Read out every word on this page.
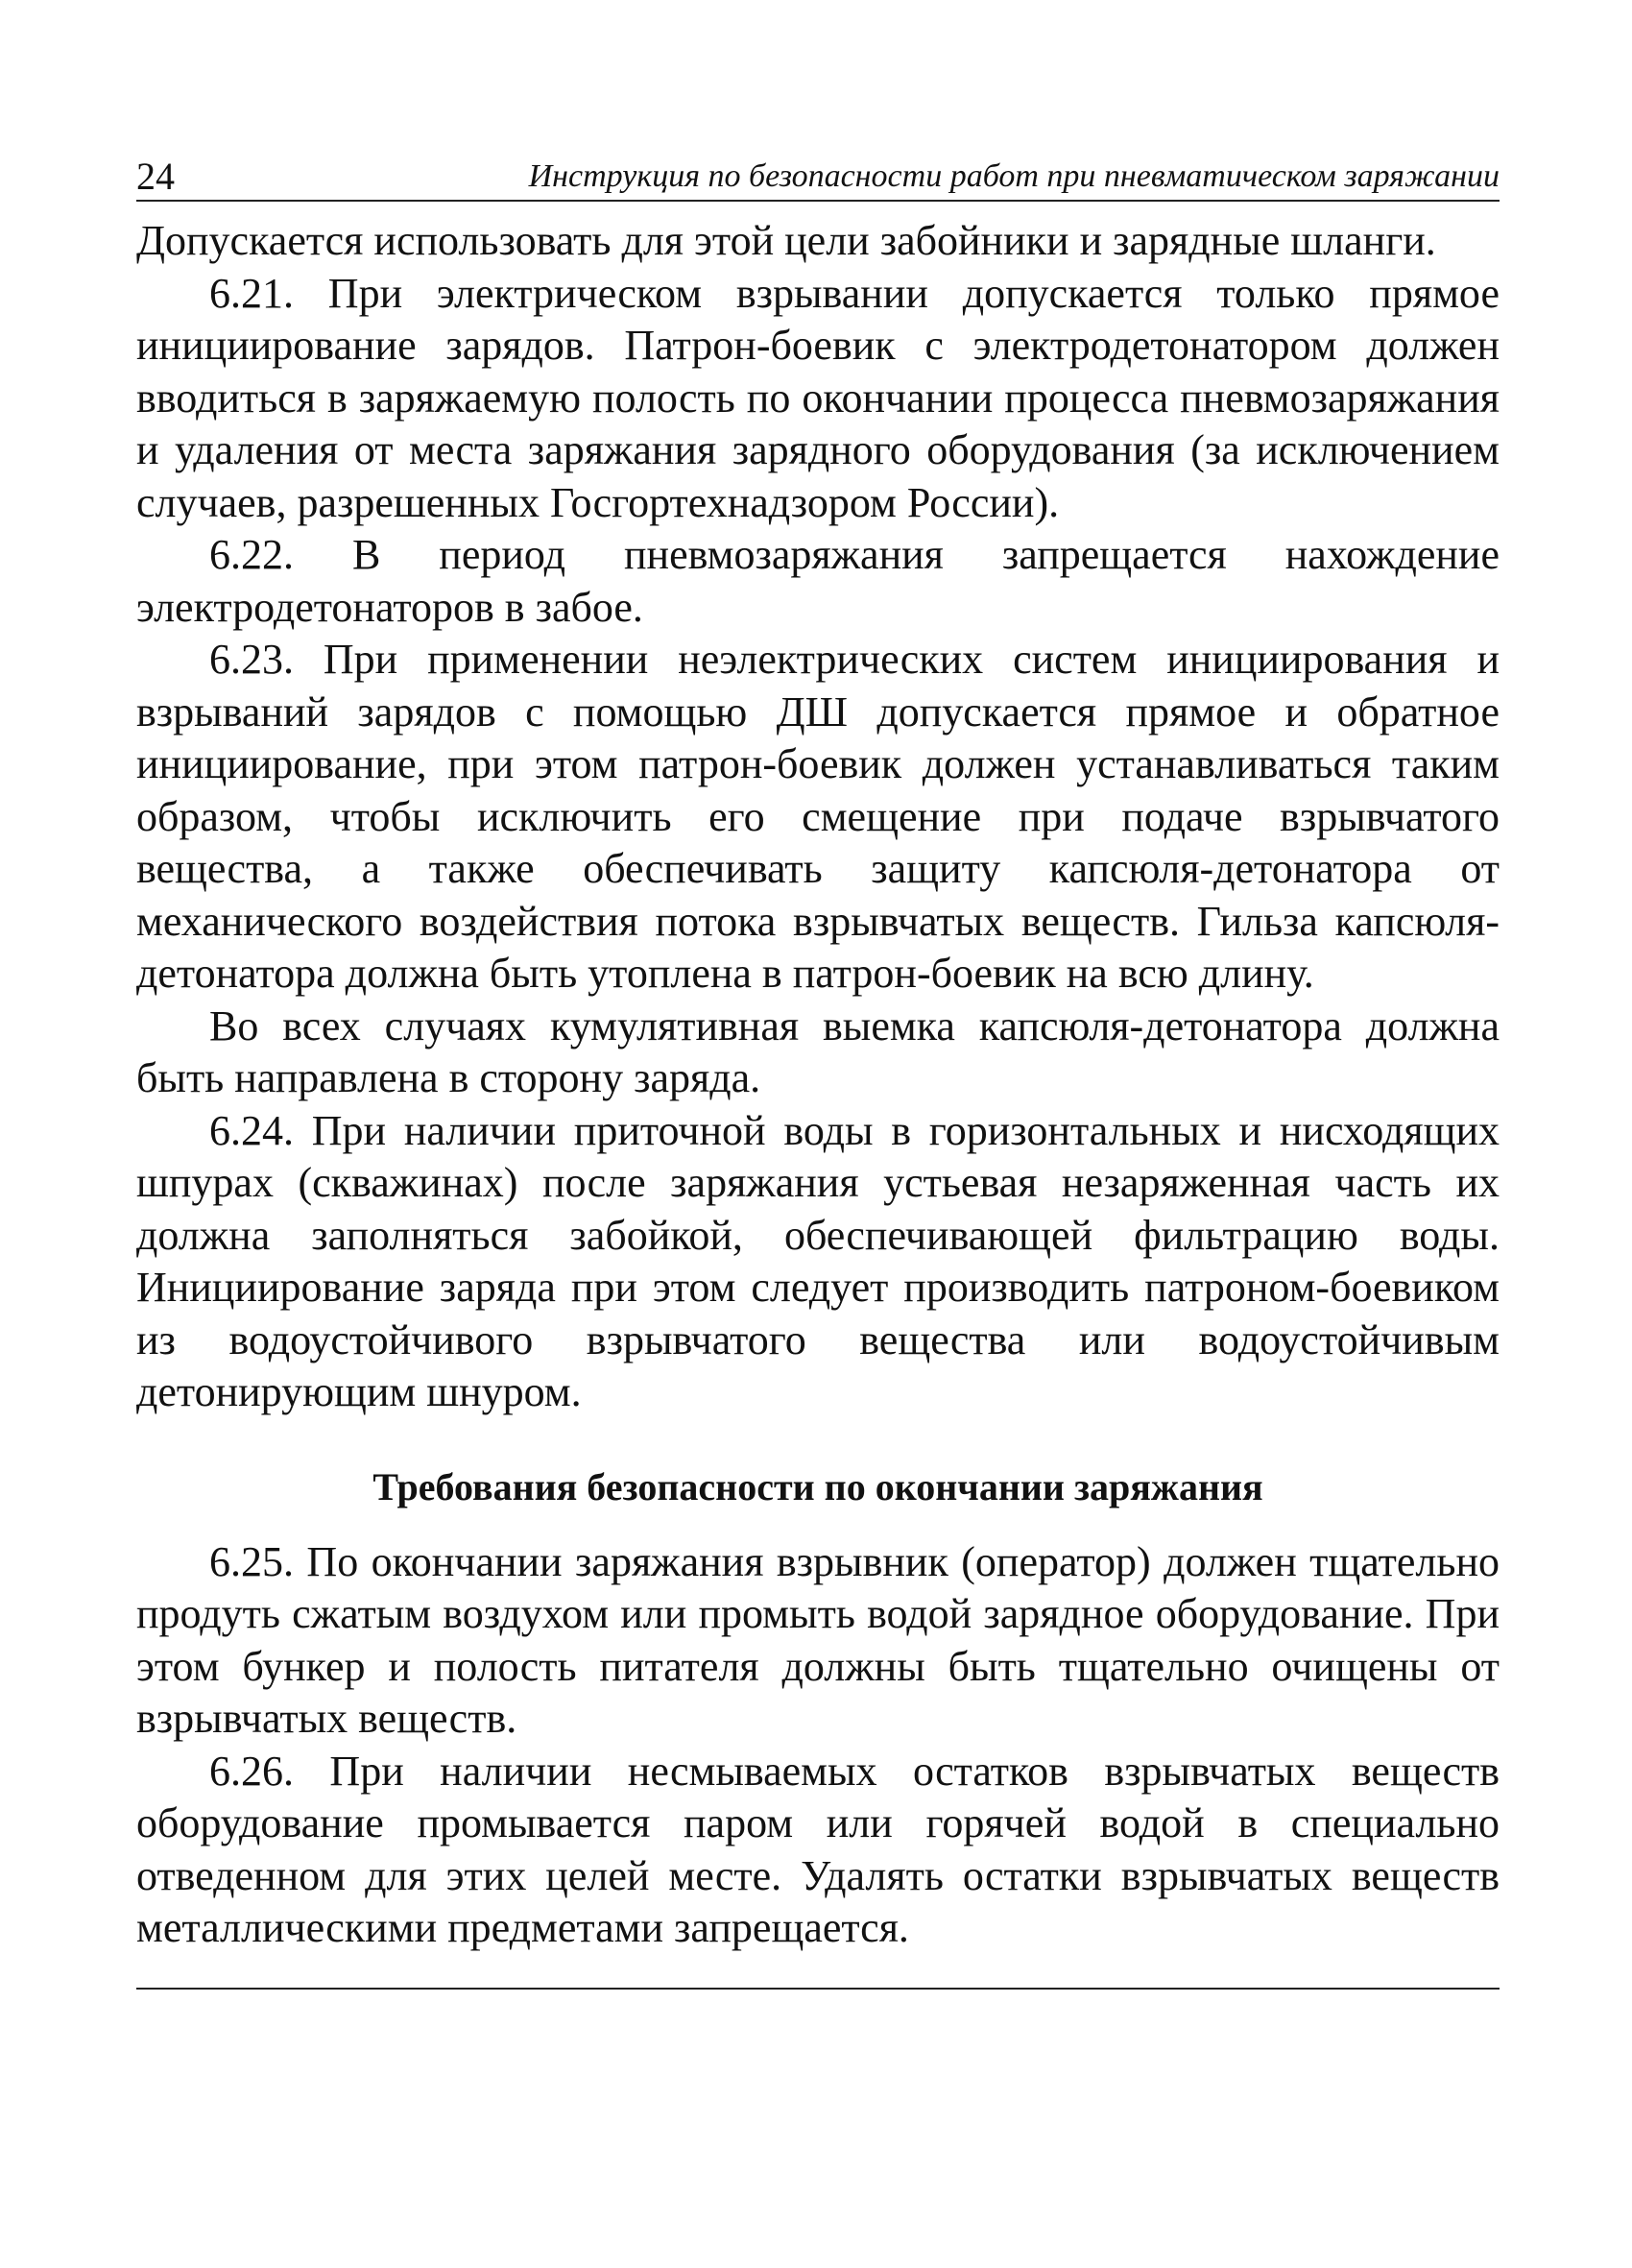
24	Инструкция по безопасности работ при пневматическом заряжании

Допускается использовать для этой цели забойники и зарядные шланги.

6.21. При электрическом взрывании допускается только прямое инициирование зарядов. Патрон-боевик с электродетонатором должен вводиться в заряжаемую полость по окончании процесса пневмозаряжания и удаления от места заряжания зарядного оборудования (за исключением случаев, разрешенных Госгортехнадзором России).

6.22. В период пневмозаряжания запрещается нахождение электродетонаторов в забое.

6.23. При применении неэлектрических систем инициирования и взрываний зарядов с помощью ДШ допускается прямое и обратное инициирование, при этом патрон-боевик должен устанавливаться таким образом, чтобы исключить его смещение при подаче взрывчатого вещества, а также обеспечивать защиту капсюля-детонатора от механического воздействия потока взрывчатых веществ. Гильза капсюля-детонатора должна быть утоплена в патрон-боевик на всю длину.

Во всех случаях кумулятивная выемка капсюля-детонатора должна быть направлена в сторону заряда.

6.24. При наличии приточной воды в горизонтальных и нисходящих шпурах (скважинах) после заряжания устьевая незаряженная часть их должна заполняться забойкой, обеспечивающей фильтрацию воды. Инициирование заряда при этом следует производить патроном-боевиком из водоустойчивого взрывчатого вещества или водоустойчивым детонирующим шнуром.

Требования безопасности по окончании заряжания

6.25. По окончании заряжания взрывник (оператор) должен тщательно продуть сжатым воздухом или промыть водой зарядное оборудование. При этом бункер и полость питателя должны быть тщательно очищены от взрывчатых веществ.

6.26. При наличии несмываемых остатков взрывчатых веществ оборудование промывается паром или горячей водой в специально отведенном для этих целей месте. Удалять остатки взрывчатых веществ металлическими предметами запрещается.
